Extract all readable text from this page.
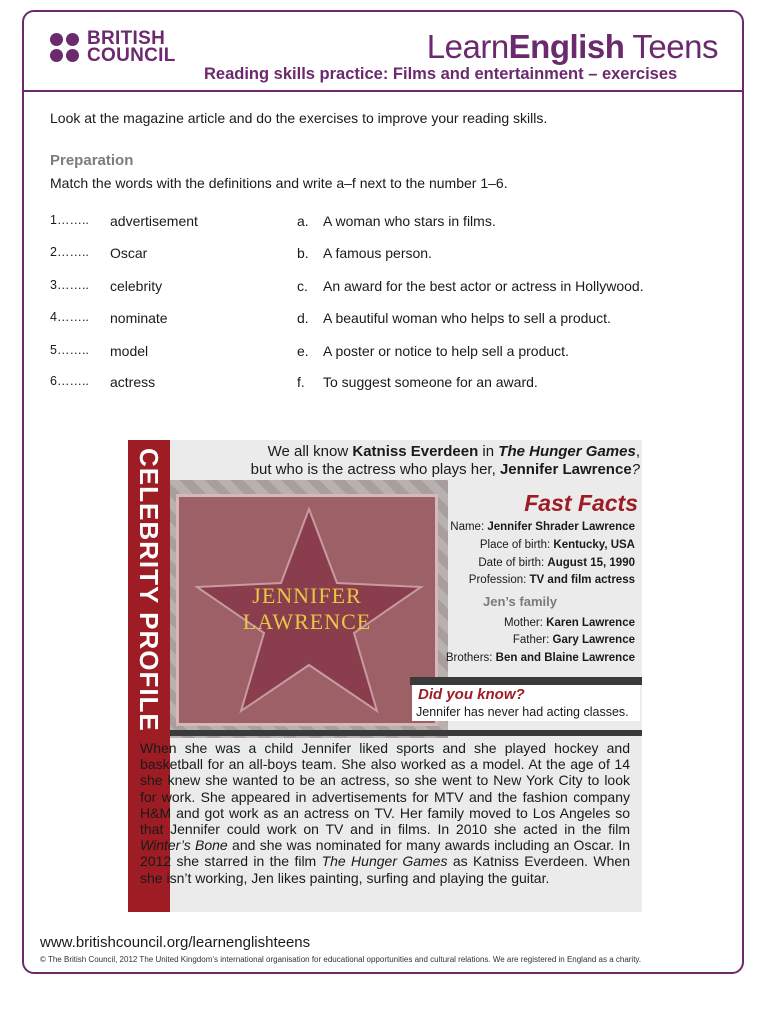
BRITISH
COUNCIL	LearnEnglish Teens
Reading skills practice: Films and entertainment – exercises
Look at the magazine article and do the exercises to improve your reading skills.
Preparation
Match the words with the definitions and write a–f next to the number 1–6.
1…….. advertisement	a. A woman who stars in films.
2…….. Oscar	b. A famous person.
3…….. celebrity	c. An award for the best actor or actress in Hollywood.
4…….. nominate	d. A beautiful woman who helps to sell a product.
5…….. model	e. A poster or notice to help sell a product.
6…….. actress	f. To suggest someone for an award.
CELEBRITY PROFILE	We all know Katniss Everdeen in The Hunger Games,
but who is the actress who plays her, Jennifer Lawrence?
JENNIFER
LAWRENCE
Fast Facts
Name: Jennifer Shrader Lawrence
Place of birth: Kentucky, USA
Date of birth: August 15, 1990
Profession: TV and film actress
Jen’s family
Mother: Karen Lawrence
Father: Gary Lawrence
Brothers: Ben and Blaine Lawrence
Did you know?
Jennifer has never had acting classes.
When she was a child Jennifer liked sports and she played hockey and basketball for an all-boys team. She also worked as a model. At the age of 14 she knew she wanted to be an actress, so she went to New York City to look for work. She appeared in advertisements for MTV and the fashion company H&M and got work as an actress on TV. Her family moved to Los Angeles so that Jennifer could work on TV and in films. In 2010 she acted in the film Winter’s Bone and she was nominated for many awards including an Oscar. In 2012 she starred in the film The Hunger Games as Katniss Everdeen. When she isn’t working, Jen likes painting, surfing and playing the guitar.
www.britishcouncil.org/learnenglishteens
© The British Council, 2012 The United Kingdom’s international organisation for educational opportunities and cultural relations. We are registered in England as a charity.
